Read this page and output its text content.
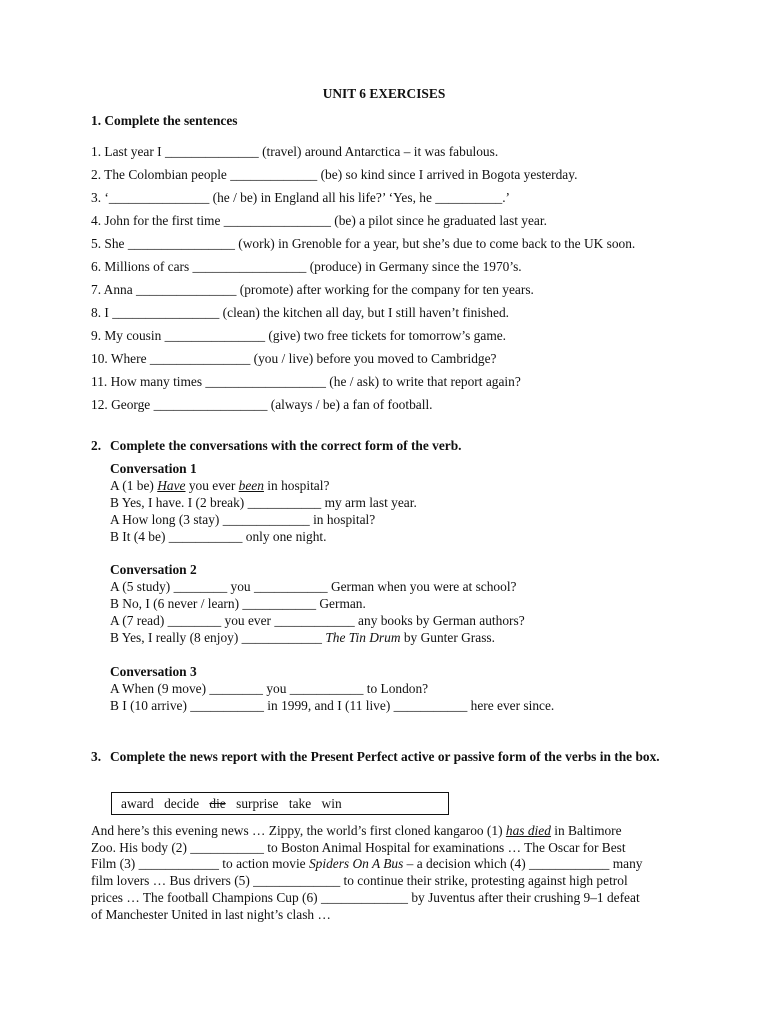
UNIT 6 EXERCISES
1. Complete the sentences
1. Last year I ______________ (travel) around Antarctica – it was fabulous.
2. The Colombian people _____________ (be) so kind since I arrived in Bogota yesterday.
3. ‘_______________ (he / be) in England all his life?’ ‘Yes, he __________.’
4. John for the first time ________________ (be) a pilot since he graduated last year.
5. She ________________ (work) in Grenoble for a year, but she’s due to come back to the UK soon.
6. Millions of cars _________________ (produce) in Germany since the 1970’s.
7. Anna _______________ (promote) after working for the company for ten years.
8. I ________________ (clean) the kitchen all day, but I still haven’t finished.
9. My cousin _______________ (give) two free tickets for tomorrow’s game.
10. Where _______________ (you / live) before you moved to Cambridge?
11. How many times __________________ (he / ask) to write that report again?
12. George _________________ (always / be) a fan of football.
2. Complete the conversations with the correct form of the verb.
Conversation 1
A (1 be) Have you ever been in hospital?
B Yes, I have. I (2 break) ___________ my arm last year.
A How long (3 stay) _____________ in hospital?
B It (4 be) ___________ only one night.
Conversation 2
A (5 study) ________ you ___________ German when you were at school?
B No, I (6 never / learn) ___________ German.
A (7 read) ________ you ever ____________ any books by German authors?
B Yes, I really (8 enjoy) ____________ The Tin Drum by Gunter Grass.
Conversation 3
A When (9 move) ________ you ___________ to London?
B I (10 arrive) ___________ in 1999, and I (11 live) ___________ here ever since.
3. Complete the news report with the Present Perfect active or passive form of the verbs in the box.
award decide die surprise take win
And here’s this evening news … Zippy, the world’s first cloned kangaroo (1) has died in Baltimore
Zoo. His body (2) ___________ to Boston Animal Hospital for examinations … The Oscar for Best
Film (3) ____________ to action movie Spiders On A Bus – a decision which (4) ____________ many
film lovers … Bus drivers (5) _____________ to continue their strike, protesting against high petrol
prices … The football Champions Cup (6) _____________ by Juventus after their crushing 9–1 defeat
of Manchester United in last night’s clash …
